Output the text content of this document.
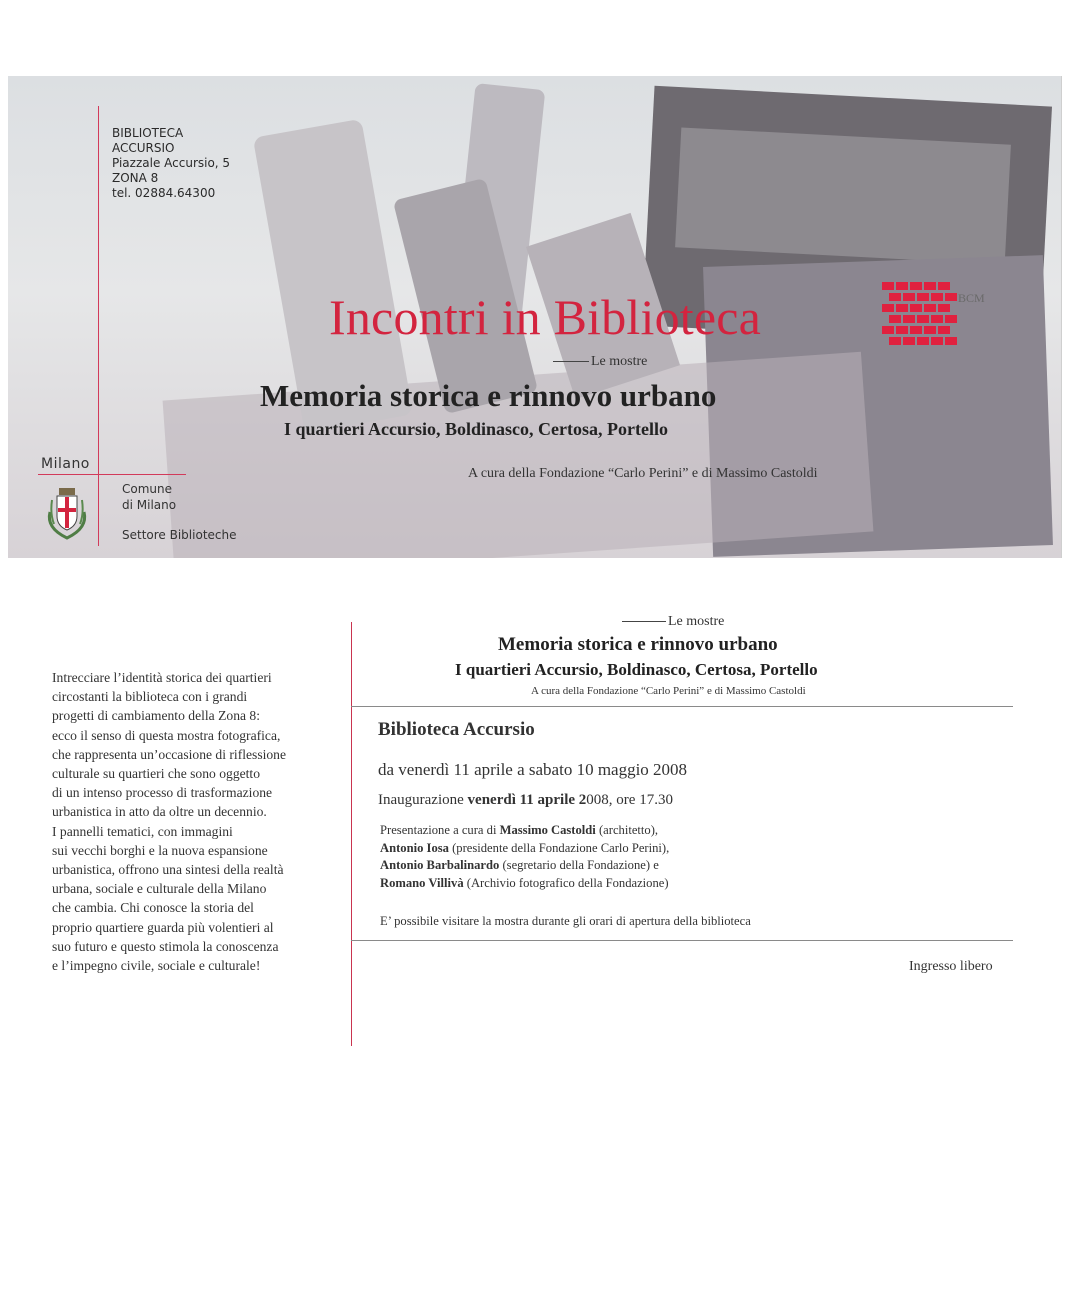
BIBLIOTECA
ACCURSIO
Piazzale Accursio, 5
ZONA 8
tel. 02884.64300
Milano
Comune
di Milano
Settore Biblioteche
Incontri in Biblioteca	BCM
Le mostre
Memoria storica e rinnovo urbano
I quartieri Accursio, Boldinasco, Certosa, Portello
A cura della Fondazione “Carlo Perini” e di Massimo Castoldi
Intrecciare l’identità storica dei quartieri
circostanti la biblioteca con i grandi
progetti di cambiamento della Zona 8:
ecco il senso di questa mostra fotografica,
che rappresenta un’occasione di riflessione
culturale su quartieri che sono oggetto
di un intenso processo di trasformazione
urbanistica in atto da oltre un decennio.
I pannelli tematici, con immagini
sui vecchi borghi e la nuova espansione
urbanistica, offrono una sintesi della realtà
urbana, sociale e culturale della Milano
che cambia. Chi conosce la storia del
proprio quartiere guarda più volentieri al
suo futuro e questo stimola la conoscenza
e l’impegno civile, sociale e culturale!
Le mostre
Memoria storica e rinnovo urbano
I quartieri Accursio, Boldinasco, Certosa, Portello
A cura della Fondazione “Carlo Perini” e di Massimo Castoldi
Biblioteca Accursio
da venerdì 11 aprile a sabato 10 maggio 2008
Inaugurazione venerdì 11 aprile 2008, ore 17.30
Presentazione a cura di Massimo Castoldi (architetto),
Antonio Iosa (presidente della Fondazione Carlo Perini),
Antonio Barbalinardo (segretario della Fondazione) e
Romano Villivà (Archivio fotografico della Fondazione)
E’ possibile visitare la mostra durante gli orari di apertura della biblioteca
Ingresso libero
